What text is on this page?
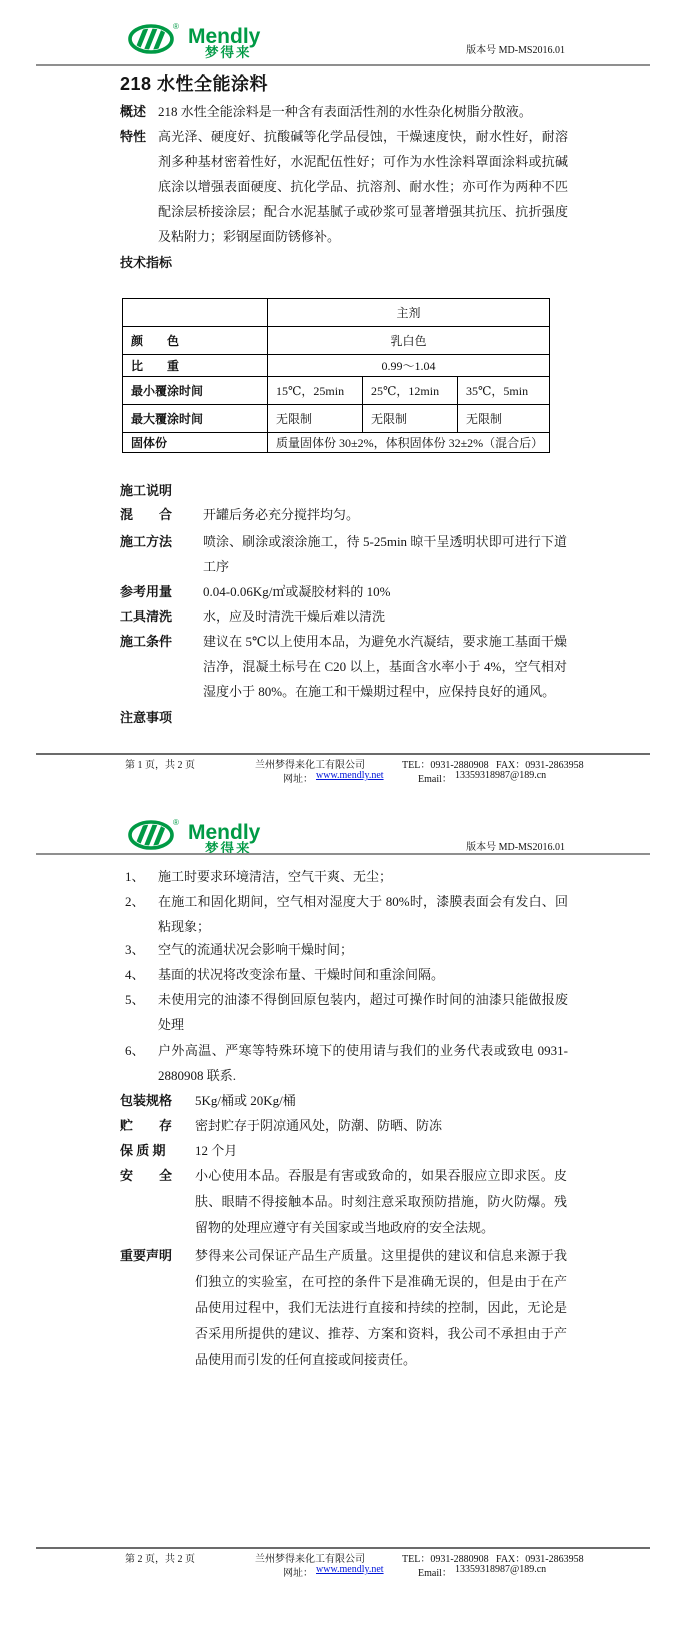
® Mendly
梦得来	版本号 MD-MS2016.01
218 水性全能涂料
概述 218 水性全能涂料是一种含有表面活性剂的水性杂化树脂分散液。
特性 高光泽、硬度好、抗酸碱等化学品侵蚀，干燥速度快，耐水性好，耐溶剂多种基材密着性好，水泥配伍性好；可作为水性涂料罩面涂料或抗碱底涂以增强表面硬度、抗化学品、抗溶剂、耐水性；亦可作为两种不匹配涂层桥接涂层；配合水泥基腻子或砂浆可显著增强其抗压、抗折强度及粘附力；彩钢屋面防锈修补。
技术指标
	主剂		
颜　　色	乳白色		
比　　重	0.99～1.04		
最小覆涂时间	15℃，25min	25℃，12min	35℃，5min
最大覆涂时间	无限制	无限制	无限制
固体份	质量固体份 30±2%，体积固体份 32±2%（混合后）		
施工说明
混　　合 开罐后务必充分搅拌均匀。
施工方法 喷涂、刷涂或滚涂施工，待 5-25min 晾干呈透明状即可进行下道工序
参考用量 0.04-0.06Kg/㎡或凝胶材料的 10%
工具清洗 水，应及时清洗干燥后难以清洗
施工条件 建议在 5℃以上使用本品，为避免水汽凝结，要求施工基面干燥洁净，混凝土标号在 C20 以上，基面含水率小于 4%，空气相对湿度小于 80%。在施工和干燥期过程中，应保持良好的通风。
注意事项
第 1 页，共 2 页	兰州梦得来化工有限公司	TEL：0931-2880908 FAX：0931-2863958
网址： www.mendly.net	Email： 13359318987@189.cn
® Mendly
梦得来	版本号 MD-MS2016.01
1、 施工时要求环境清洁，空气干爽、无尘；
2、 在施工和固化期间，空气相对湿度大于 80%时，漆膜表面会有发白、回粘现象；
3、 空气的流通状况会影响干燥时间；
4、 基面的状况将改变涂布量、干燥时间和重涂间隔。
5、 未使用完的油漆不得倒回原包装内，超过可操作时间的油漆只能做报废处理
6、 户外高温、严寒等特殊环境下的使用请与我们的业务代表或致电 0931-2880908 联系.
包装规格 5Kg/桶或 20Kg/桶
贮　　存 密封贮存于阴凉通风处，防潮、防晒、防冻
保 质 期 12 个月
安　　全 小心使用本品。吞服是有害或致命的，如果吞服应立即求医。皮肤、眼睛不得接触本品。时刻注意采取预防措施，防火防爆。残留物的处理应遵守有关国家或当地政府的安全法规。
重要声明 梦得来公司保证产品生产质量。这里提供的建议和信息来源于我们独立的实验室，在可控的条件下是准确无误的，但是由于在产品使用过程中，我们无法进行直接和持续的控制，因此，无论是否采用所提供的建议、推荐、方案和资料，我公司不承担由于产品使用而引发的任何直接或间接责任。
第 2 页，共 2 页	兰州梦得来化工有限公司	TEL：0931-2880908 FAX：0931-2863958
网址： www.mendly.net	Email： 13359318987@189.cn
